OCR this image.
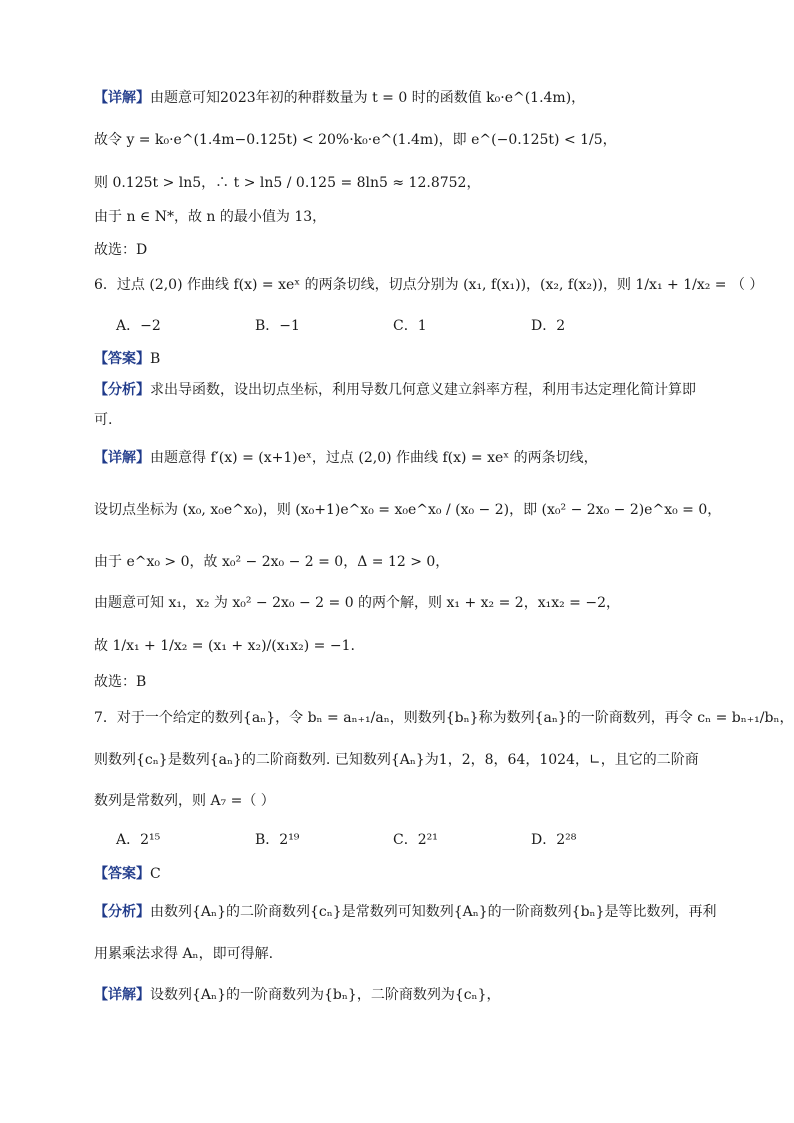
【详解】由题意可知2023年初的种群数量为 t = 0 时的函数值 k₀·e^(1.4m)，
故令 y = k₀·e^(1.4m−0.125t) < 20%·k₀·e^(1.4m)，即 e^(−0.125t) < 1/5，
则 0.125t > ln5，∴ t > ln5 / 0.125 = 8ln5 ≈ 12.8752，
由于 n ∈ N*，故 n 的最小值为 13，
故选：D
6．过点 (2,0) 作曲线 f(x) = xeˣ 的两条切线，切点分别为 (x₁, f(x₁))，(x₂, f(x₂))，则 1/x₁ + 1/x₂ = （ ）
A．−2	B．−1	C．1	D．2
【答案】B
【分析】求出导函数，设出切点坐标，利用导数几何意义建立斜率方程，利用韦达定理化简计算即
可.
【详解】由题意得 f′(x) = (x+1)eˣ，过点 (2,0) 作曲线 f(x) = xeˣ 的两条切线，
设切点坐标为 (x₀, x₀e^x₀)，则 (x₀+1)e^x₀ = x₀e^x₀ / (x₀ − 2)，即 (x₀² − 2x₀ − 2)e^x₀ = 0，
由于 e^x₀ > 0，故 x₀² − 2x₀ − 2 = 0，Δ = 12 > 0，
由题意可知 x₁，x₂ 为 x₀² − 2x₀ − 2 = 0 的两个解，则 x₁ + x₂ = 2，x₁x₂ = −2，
故 1/x₁ + 1/x₂ = (x₁ + x₂)/(x₁x₂) = −1.
故选：B
7．对于一个给定的数列{aₙ}，令 bₙ = aₙ₊₁/aₙ，则数列{bₙ}称为数列{aₙ}的一阶商数列，再令 cₙ = bₙ₊₁/bₙ，
则数列{cₙ}是数列{aₙ}的二阶商数列. 已知数列{Aₙ}为1，2，8，64，1024，∟，且它的二阶商
数列是常数列，则 A₇ =（ ）
A．2¹⁵	B．2¹⁹	C．2²¹	D．2²⁸
【答案】C
【分析】由数列{Aₙ}的二阶商数列{cₙ}是常数列可知数列{Aₙ}的一阶商数列{bₙ}是等比数列，再利
用累乘法求得 Aₙ，即可得解.
【详解】设数列{Aₙ}的一阶商数列为{bₙ}，二阶商数列为{cₙ}，
